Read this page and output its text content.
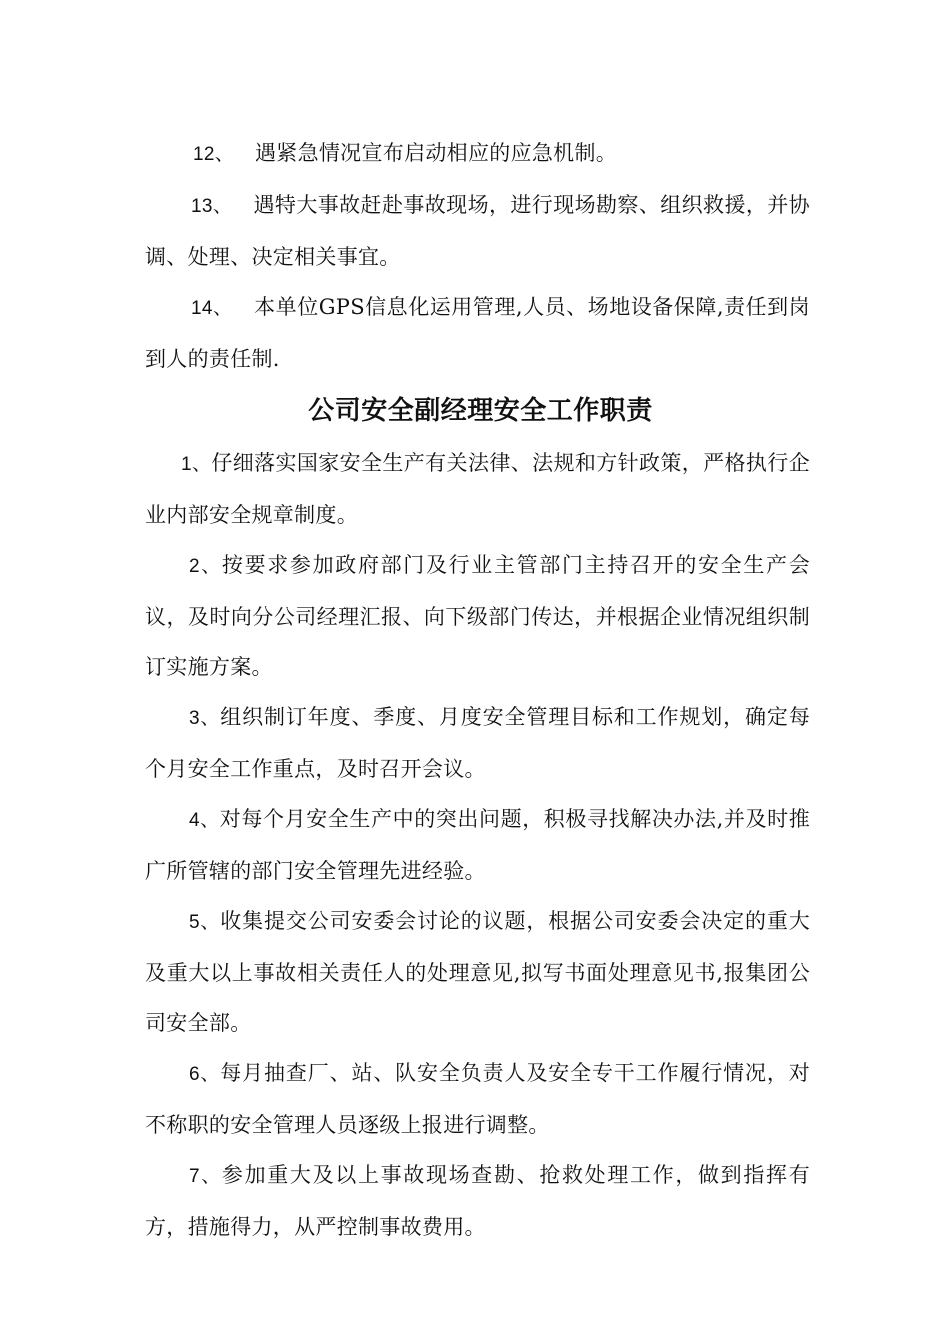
12、 遇紧急情况宣布启动相应的应急机制。

13、 遇特大事故赶赴事故现场，进行现场勘察、组织救援，并协调、处理、决定相关事宜。

14、 本单位GPS信息化运用管理,人员、场地设备保障,责任到岗到人的责任制.

公司安全副经理安全工作职责

1、仔细落实国家安全生产有关法律、法规和方针政策，严格执行企业内部安全规章制度。

2、按要求参加政府部门及行业主管部门主持召开的安全生产会议，及时向分公司经理汇报、向下级部门传达，并根据企业情况组织制订实施方案。

3、组织制订年度、季度、月度安全管理目标和工作规划，确定每个月安全工作重点，及时召开会议。

4、对每个月安全生产中的突出问题，积极寻找解决办法,并及时推广所管辖的部门安全管理先进经验。

5、收集提交公司安委会讨论的议题，根据公司安委会决定的重大及重大以上事故相关责任人的处理意见,拟写书面处理意见书,报集团公司安全部。

6、每月抽查厂、站、队安全负责人及安全专干工作履行情况，对不称职的安全管理人员逐级上报进行调整。

7、参加重大及以上事故现场查勘、抢救处理工作，做到指挥有方，措施得力，从严控制事故费用。
